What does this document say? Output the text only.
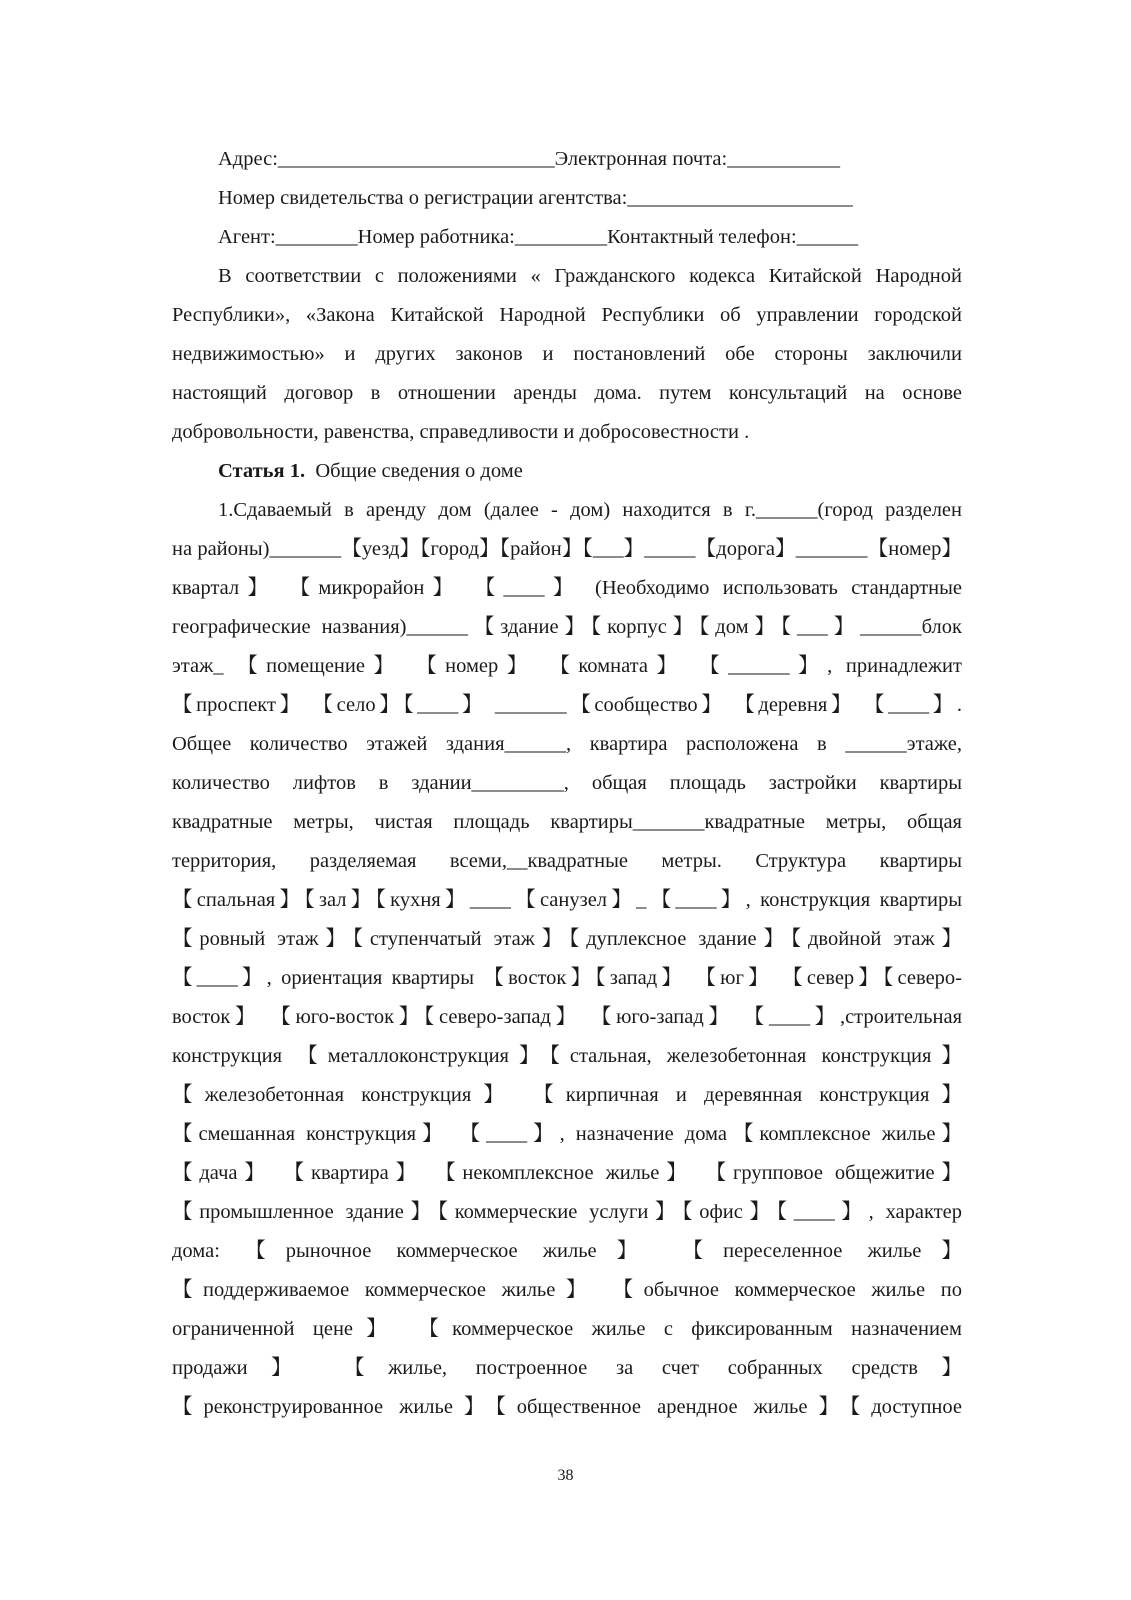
Адрес:___________________________Электронная почта:___________
Номер свидетельства о регистрации агентства:______________________
Агент:________Номер работника:_________Контактный телефон:______
В соответствии с положениями « Гражданского кодекса Китайской Народной
Республики», «Закона Китайской Народной Республики об управлении городской
недвижимостью» и других законов и постановлений обе стороны заключили
настоящий договор в отношении аренды дома. путем консультаций на основе
добровольности, равенства, справедливости и добросовестности .
Статья 1. Общие сведения о доме
1.Сдаваемый в аренду дом (далее - дом) находится в г.______(город разделен
на районы)_______【уезд】【город】【район】【___】_____【дорога】_______【номер】
квартал】 【микрорайон】 【____】 (Необходимо использовать стандартные
географические названия)______【здание】【корпус】【дом】【___】______блок
этаж_ 【помещение】 【номер】 【комната】 【______】, принадлежит
【проспект】 【село】【____】 _______【сообщество】 【деревня】 【____】.
Общее количество этажей здания______, квартира расположена в ______этаже,
количество лифтов в здании_________, общая площадь застройки квартиры
квадратные метры, чистая площадь квартиры_______квадратные метры, общая
территория, разделяемая всеми,__квадратные метры. Структура квартиры
【спальная】【зал】【кухня】____【санузел】_【____】, конструкция квартиры
【ровный этаж】【ступенчатый этаж】【дуплексное здание】【двойной этаж】
【____】, ориентация квартиры 【восток】【запад】 【юг】 【север】【северо-
восток】 【юго-восток】【северо-запад】 【юго-запад】 【____】,строительная
конструкция 【металлоконструкция】【стальная, железобетонная конструкция】
【железобетонная конструкция】 【кирпичная и деревянная конструкция】
【смешанная конструкция】 【____】, назначение дома【комплексное жилье】
【дача】 【квартира】 【некомплексное жилье】 【групповое общежитие】
【промышленное здание】【коммерческие услуги】【офис】【____】, характер
дома: 【рыночное коммерческое жилье】 【переселенное жилье】
【поддерживаемое коммерческое жилье】 【обычное коммерческое жилье по
ограниченной цене】 【коммерческое жилье с фиксированным назначением
продажи】 【жилье, построенное за счет собранных средств】
【реконструированное жилье】【общественное арендное жилье】【доступное
38
